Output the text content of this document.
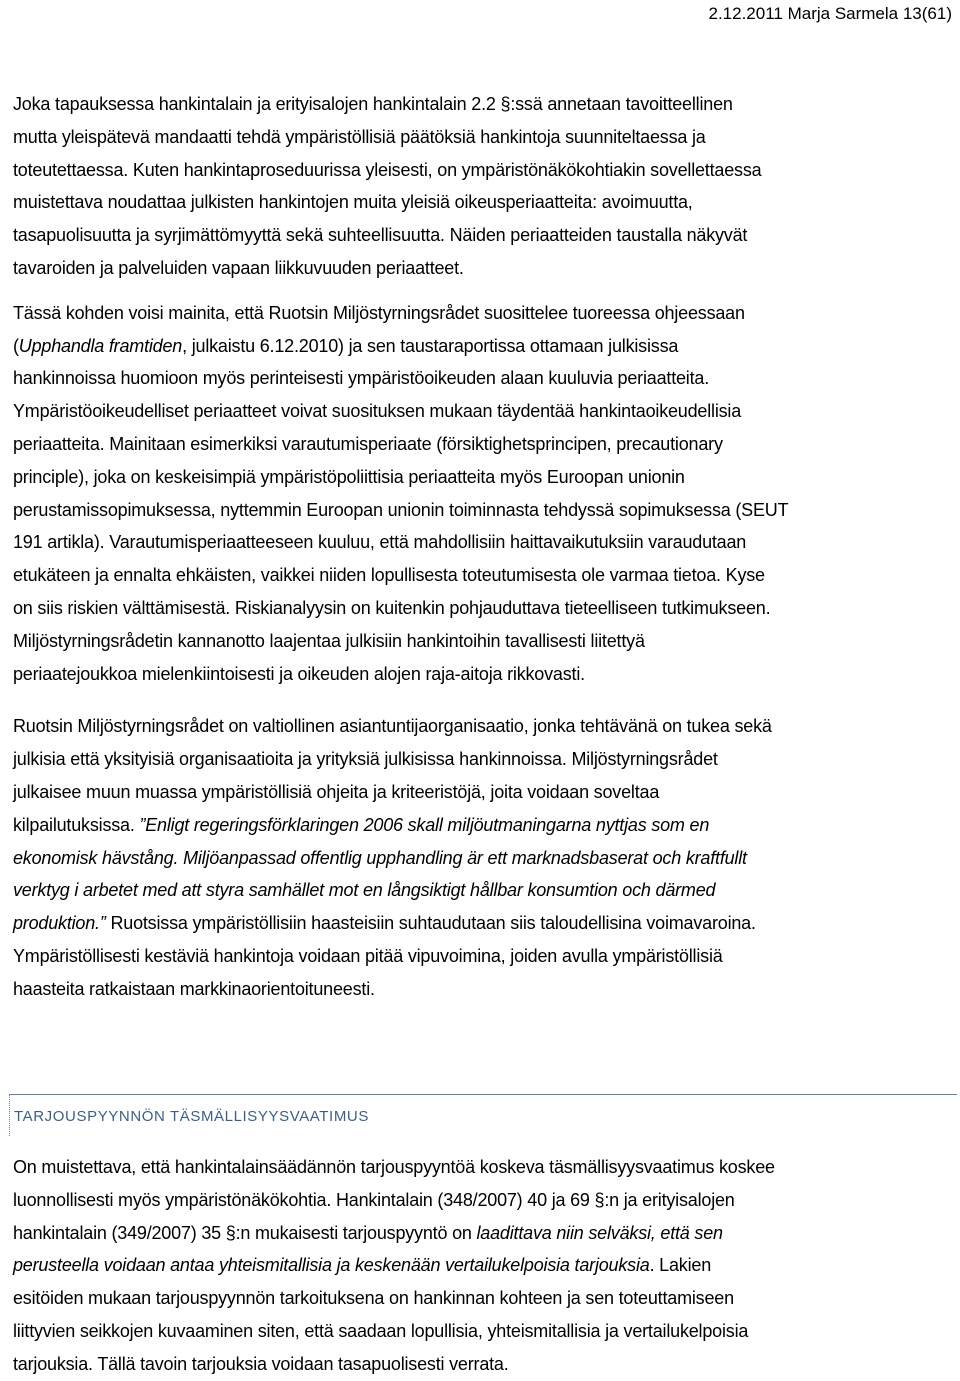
2.12.2011 Marja Sarmela 13(61)

Joka tapauksessa hankintalain ja erityisalojen hankintalain 2.2 §:ssä annetaan tavoitteellinen
mutta yleispätevä mandaatti tehdä ympäristöllisiä päätöksiä hankintoja suunniteltaessa ja
toteutettaessa. Kuten hankintaproseduurissa yleisesti, on ympäristönäkökohtiakin sovellettaessa
muistettava noudattaa julkisten hankintojen muita yleisiä oikeusperiaatteita: avoimuutta,
tasapuolisuutta ja syrjimättömyyttä sekä suhteellisuutta. Näiden periaatteiden taustalla näkyvät
tavaroiden ja palveluiden vapaan liikkuvuuden periaatteet.

Tässä kohden voisi mainita, että Ruotsin Miljöstyrningsrådet suosittelee tuoreessa ohjeessaan
(Upphandla framtiden, julkaistu 6.12.2010) ja sen taustaraportissa ottamaan julkisissa
hankinnoissa huomioon myös perinteisesti ympäristöoikeuden alaan kuuluvia periaatteita.
Ympäristöoikeudelliset periaatteet voivat suosituksen mukaan täydentää hankintaoikeudellisia
periaatteita. Mainitaan esimerkiksi varautumisperiaate (försiktighetsprincipen, precautionary
principle), joka on keskeisimpiä ympäristöpoliittisia periaatteita myös Euroopan unionin
perustamissopimuksessa, nyttemmin Euroopan unionin toiminnasta tehdyssä sopimuksessa (SEUT
191 artikla). Varautumisperiaatteeseen kuuluu, että mahdollisiin haittavaikutuksiin varaudutaan
etukäteen ja ennalta ehkäisten, vaikkei niiden lopullisesta toteutumisesta ole varmaa tietoa. Kyse
on siis riskien välttämisestä. Riskianalyysin on kuitenkin pohjauduttava tieteelliseen tutkimukseen.
Miljöstyrningsrådetin kannanotto laajentaa julkisiin hankintoihin tavallisesti liitettyä
periaatejoukkoa mielenkiintoisesti ja oikeuden alojen raja-aitoja rikkovasti.

Ruotsin Miljöstyrningsrådet on valtiollinen asiantuntijaorganisaatio, jonka tehtävänä on tukea sekä
julkisia että yksityisiä organisaatioita ja yrityksiä julkisissa hankinnoissa. Miljöstyrningsrådet
julkaisee muun muassa ympäristöllisiä ohjeita ja kriteeristöjä, joita voidaan soveltaa
kilpailutuksissa. ”Enligt regeringsförklaringen 2006 skall miljöutmaningarna nyttjas som en
ekonomisk hävstång. Miljöanpassad offentlig upphandling är ett marknadsbaserat och kraftfullt
verktyg i arbetet med att styra samhället mot en långsiktigt hållbar konsumtion och därmed
produktion.” Ruotsissa ympäristöllisiin haasteisiin suhtaudutaan siis taloudellisina voimavaroina.
Ympäristöllisesti kestäviä hankintoja voidaan pitää vipuvoimina, joiden avulla ympäristöllisiä
haasteita ratkaistaan markkinaorientoituneesti.

TARJOUSPYYNNÖN TÄSMÄLLISYYSVAATIMUS

On muistettava, että hankintalainsäädännön tarjouspyyntöä koskeva täsmällisyysvaatimus koskee
luonnollisesti myös ympäristönäkökohtia. Hankintalain (348/2007) 40 ja 69 §:n ja erityisalojen
hankintalain (349/2007) 35 §:n mukaisesti tarjouspyyntö on laadittava niin selväksi, että sen
perusteella voidaan antaa yhteismitallisia ja keskenään vertailukelpoisia tarjouksia. Lakien
esitöiden mukaan tarjouspyynnön tarkoituksena on hankinnan kohteen ja sen toteuttamiseen
liittyvien seikkojen kuvaaminen siten, että saadaan lopullisia, yhteismitallisia ja vertailukelpoisia
tarjouksia. Tällä tavoin tarjouksia voidaan tasapuolisesti verrata.
